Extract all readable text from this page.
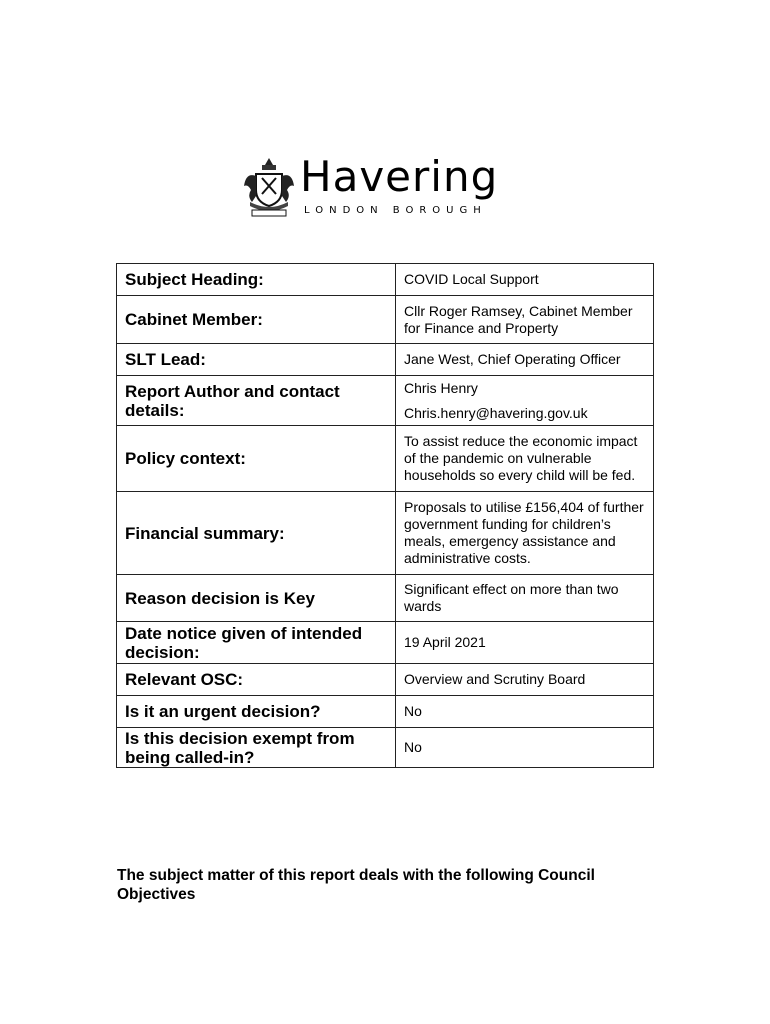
Havering
LONDON BOROUGH
Subject Heading:	COVID Local Support
Cabinet Member:	Cllr Roger Ramsey, Cabinet Member for Finance and Property
SLT Lead:	Jane West, Chief Operating Officer
Report Author and contact details:	Chris Henry
Chris.henry@havering.gov.uk

Policy context:	To assist reduce the economic impact of the pandemic on vulnerable households so every child will be fed.
Financial summary:	Proposals to utilise £156,404 of further government funding for children’s meals, emergency assistance and administrative costs.
Reason decision is Key	Significant effect on more than two wards
Date notice given of intended decision:	19 April 2021
Relevant OSC:	Overview and Scrutiny Board
Is it an urgent decision?	No
Is this decision exempt from being called-in?	No
The subject matter of this report deals with the following Council Objectives
